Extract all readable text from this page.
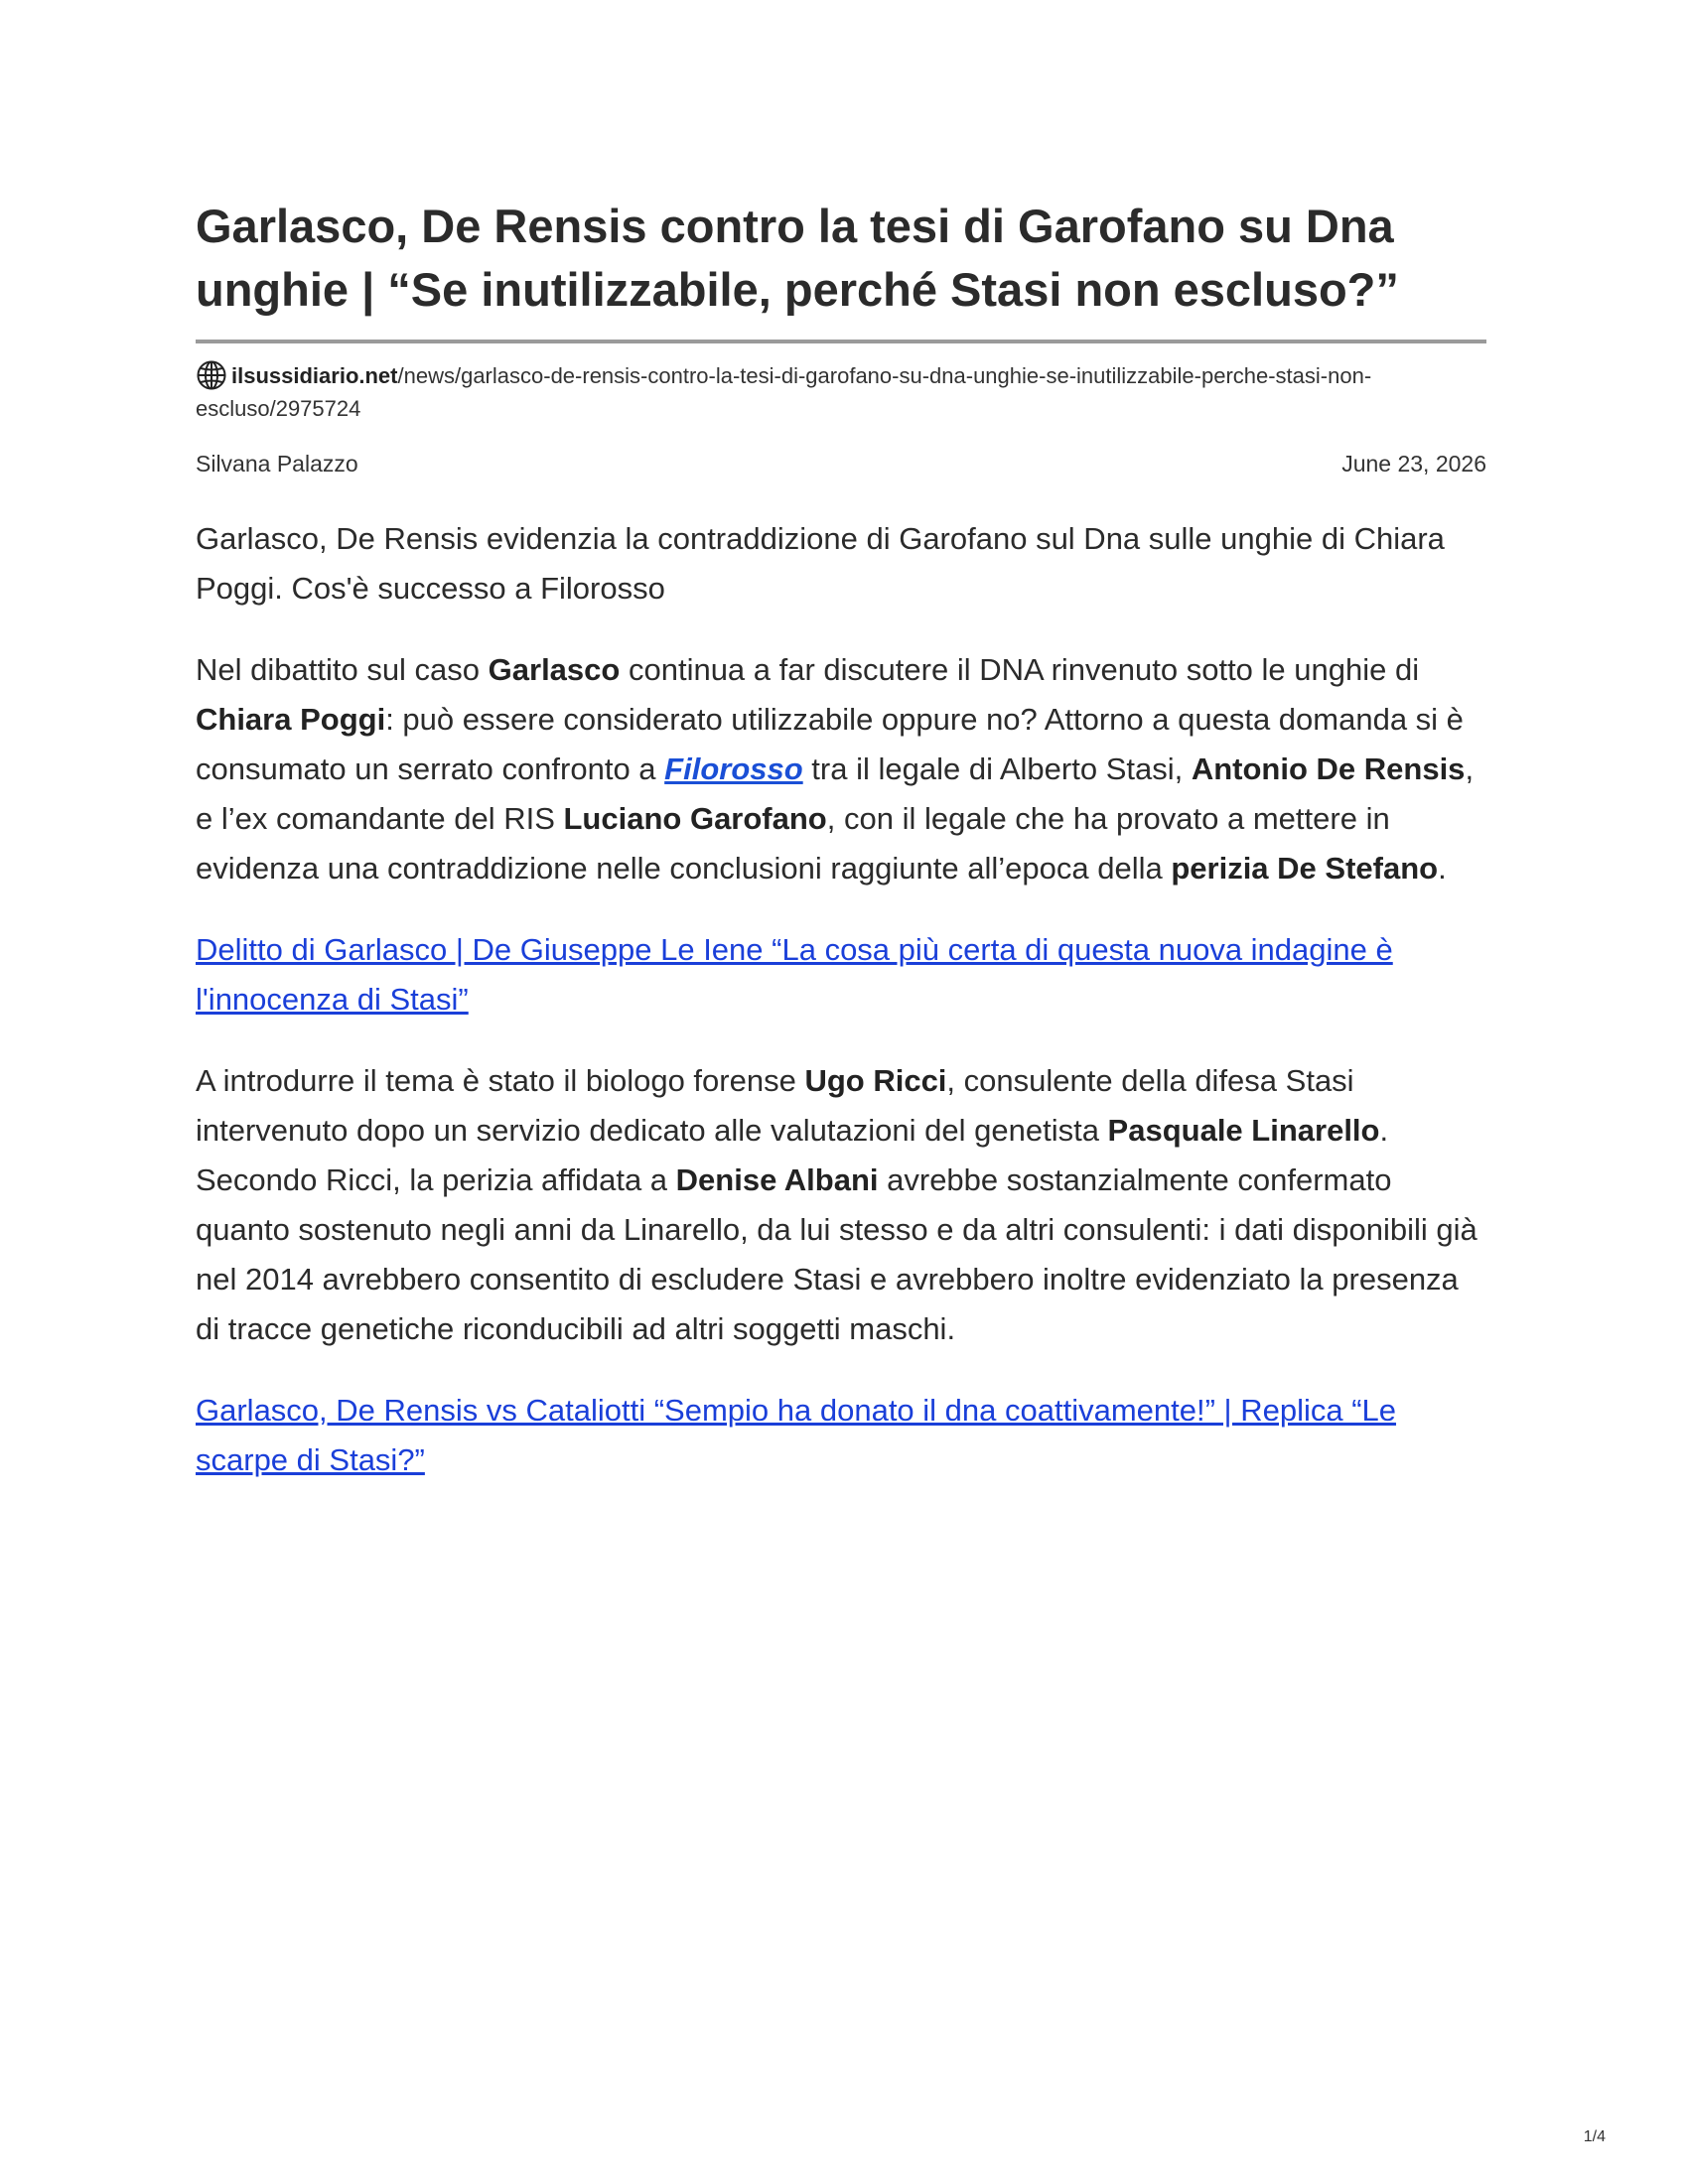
Garlasco, De Rensis contro la tesi di Garofano su Dna unghie | “Se inutilizzabile, perché Stasi non escluso?”
ilsussidiario.net/news/garlasco-de-rensis-contro-la-tesi-di-garofano-su-dna-unghie-se-inutilizzabile-perche-stasi-non-escluso/2975724
Silvana Palazzo	June 23, 2026
Garlasco, De Rensis evidenzia la contraddizione di Garofano sul Dna sulle unghie di Chiara Poggi. Cos'è successo a Filorosso

Nel dibattito sul caso Garlasco continua a far discutere il DNA rinvenuto sotto le unghie di Chiara Poggi: può essere considerato utilizzabile oppure no? Attorno a questa domanda si è consumato un serrato confronto a Filorosso tra il legale di Alberto Stasi, Antonio De Rensis, e l’ex comandante del RIS Luciano Garofano, con il legale che ha provato a mettere in evidenza una contraddizione nelle conclusioni raggiunte all’epoca della perizia De Stefano.

Delitto di Garlasco | De Giuseppe Le Iene “La cosa più certa di questa nuova indagine è l'innocenza di Stasi”

A introdurre il tema è stato il biologo forense Ugo Ricci, consulente della difesa Stasi intervenuto dopo un servizio dedicato alle valutazioni del genetista Pasquale Linarello. Secondo Ricci, la perizia affidata a Denise Albani avrebbe sostanzialmente confermato quanto sostenuto negli anni da Linarello, da lui stesso e da altri consulenti: i dati disponibili già nel 2014 avrebbero consentito di escludere Stasi e avrebbero inoltre evidenziato la presenza di tracce genetiche riconducibili ad altri soggetti maschi.

Garlasco, De Rensis vs Cataliotti “Sempio ha donato il dna coattivamente!” | Replica “Le scarpe di Stasi?”
1/4
